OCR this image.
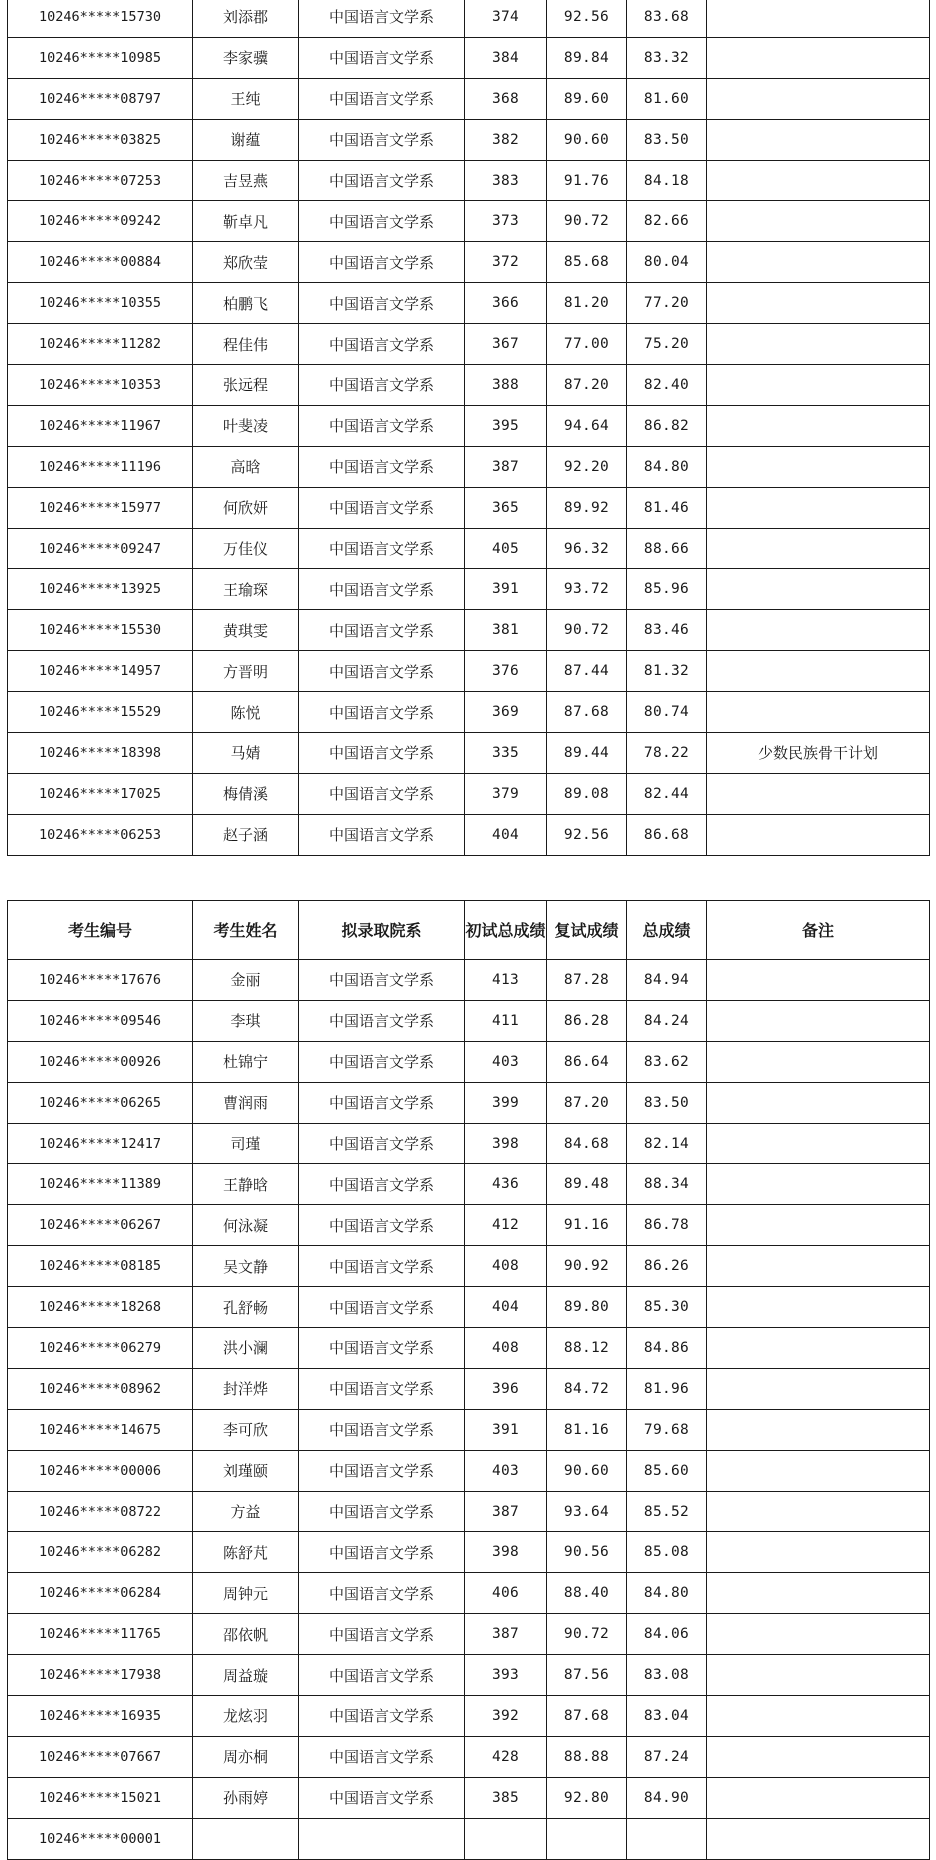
10246*****15730	刘添郡	中国语言文学系	374	92.56	83.68	
10246*****10985	李家骥	中国语言文学系	384	89.84	83.32	
10246*****08797	王纯	中国语言文学系	368	89.60	81.60	
10246*****03825	谢蕴	中国语言文学系	382	90.60	83.50	
10246*****07253	吉昱燕	中国语言文学系	383	91.76	84.18	
10246*****09242	靳卓凡	中国语言文学系	373	90.72	82.66	
10246*****00884	郑欣莹	中国语言文学系	372	85.68	80.04	
10246*****10355	柏鹏飞	中国语言文学系	366	81.20	77.20	
10246*****11282	程佳伟	中国语言文学系	367	77.00	75.20	
10246*****10353	张远程	中国语言文学系	388	87.20	82.40	
10246*****11967	叶斐凌	中国语言文学系	395	94.64	86.82	
10246*****11196	高晗	中国语言文学系	387	92.20	84.80	
10246*****15977	何欣妍	中国语言文学系	365	89.92	81.46	
10246*****09247	万佳仪	中国语言文学系	405	96.32	88.66	
10246*****13925	王瑜琛	中国语言文学系	391	93.72	85.96	
10246*****15530	黄琪雯	中国语言文学系	381	90.72	83.46	
10246*****14957	方晋明	中国语言文学系	376	87.44	81.32	
10246*****15529	陈悦	中国语言文学系	369	87.68	80.74	
10246*****18398	马婧	中国语言文学系	335	89.44	78.22	少数民族骨干计划
10246*****17025	梅倩溪	中国语言文学系	379	89.08	82.44	
10246*****06253	赵子涵	中国语言文学系	404	92.56	86.68	
考生编号	考生姓名	拟录取院系	初试总成绩	复试成绩	总成绩	备注
10246*****17676	金丽	中国语言文学系	413	87.28	84.94	
10246*****09546	李琪	中国语言文学系	411	86.28	84.24	
10246*****00926	杜锦宁	中国语言文学系	403	86.64	83.62	
10246*****06265	曹润雨	中国语言文学系	399	87.20	83.50	
10246*****12417	司瑾	中国语言文学系	398	84.68	82.14	
10246*****11389	王静晗	中国语言文学系	436	89.48	88.34	
10246*****06267	何泳凝	中国语言文学系	412	91.16	86.78	
10246*****08185	吴文静	中国语言文学系	408	90.92	86.26	
10246*****18268	孔舒畅	中国语言文学系	404	89.80	85.30	
10246*****06279	洪小澜	中国语言文学系	408	88.12	84.86	
10246*****08962	封洋烨	中国语言文学系	396	84.72	81.96	
10246*****14675	李可欣	中国语言文学系	391	81.16	79.68	
10246*****00006	刘瑾颐	中国语言文学系	403	90.60	85.60	
10246*****08722	方益	中国语言文学系	387	93.64	85.52	
10246*****06282	陈舒芃	中国语言文学系	398	90.56	85.08	
10246*****06284	周钟元	中国语言文学系	406	88.40	84.80	
10246*****11765	邵依帆	中国语言文学系	387	90.72	84.06	
10246*****17938	周益璇	中国语言文学系	393	87.56	83.08	
10246*****16935	龙炫羽	中国语言文学系	392	87.68	83.04	
10246*****07667	周亦桐	中国语言文学系	428	88.88	87.24	
10246*****15021	孙雨婷	中国语言文学系	385	92.80	84.90	
10246*****00001						
